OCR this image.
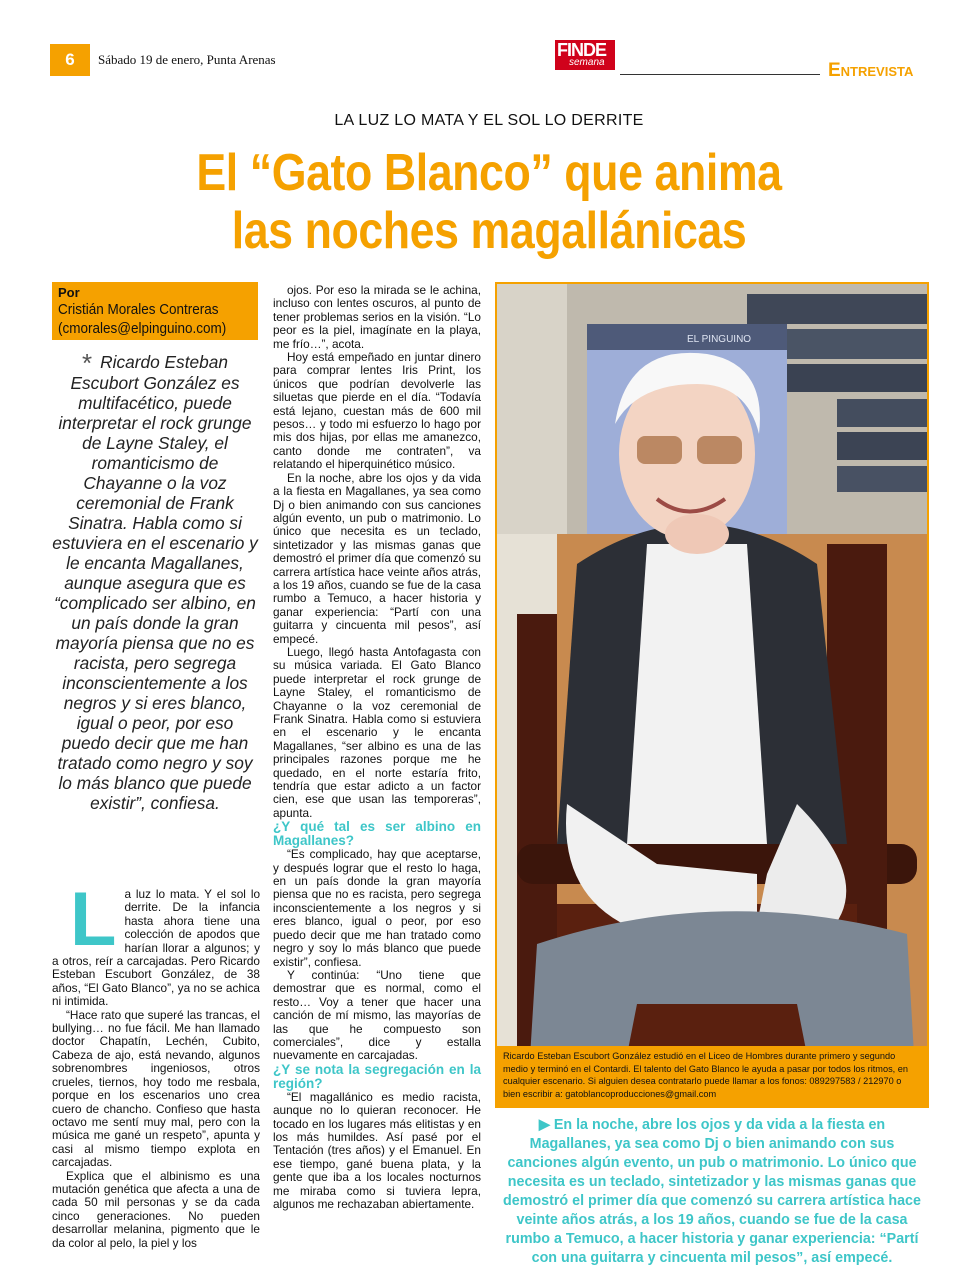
6	Sábado 19 de enero, Punta Arenas	FINDE
semana	Entrevista
LA LUZ LO MATA Y EL SOL LO DERRITE
El “Gato Blanco” que anima
las noches magallánicas
Por
Cristián Morales Contreras
(cmorales@elpinguino.com)
* Ricardo Esteban Escubort González es multifacético, puede interpretar el rock grunge de Layne Staley, el romanticismo de Chayanne o la voz ceremonial de Frank Sinatra. Habla como si estuviera en el escenario y le encanta Magallanes, aunque asegura que es “complicado ser albino, en un país donde la gran mayoría piensa que no es racista, pero segrega inconscientemente a los negros y si eres blanco, igual o peor, por eso puedo decir que me han tratado como negro y soy lo más blanco que puede existir”, confiesa.
L a luz lo mata. Y el sol lo derrite. De la infancia hasta ahora tiene una colección de apodos que harían llorar a algunos; y a otros, reír a carcajadas. Pero Ricardo Esteban Escubort González, de 38 años, “El Gato Blanco”, ya no se achica ni intimida.

“Hace rato que superé las trancas, el bullying… no fue fácil. Me han llamado doctor Chapatín, Lechén, Cubito, Cabeza de ajo, está nevando, algunos sobrenombres ingeniosos, otros crueles, tiernos, hoy todo me resbala, porque en los escenarios uno crea cuero de chancho. Confieso que hasta octavo me sentí muy mal, pero con la música me gané un respeto”, apunta y casi al mismo tiempo explota en carcajadas.

Explica que el albinismo es una mutación genética que afecta a una de cada 50 mil personas y se da cada cinco generaciones. No pueden desarrollar melanina, pigmento que le da color al pelo, la piel y los

ojos. Por eso la mirada se le achina, incluso con lentes oscuros, al punto de tener problemas serios en la visión. “Lo peor es la piel, imagínate en la playa, me frío…”, acota.

Hoy está empeñado en juntar dinero para comprar lentes Iris Print, los únicos que podrían devolverle las siluetas que pierde en el día. “Todavía está lejano, cuestan más de 600 mil pesos… y todo mi esfuerzo lo hago por mis dos hijas, por ellas me amanezco, canto donde me contraten”, va relatando el hiperquinético músico.

En la noche, abre los ojos y da vida a la fiesta en Magallanes, ya sea como Dj o bien animando con sus canciones algún evento, un pub o matrimonio. Lo único que necesita es un teclado, sintetizador y las mismas ganas que demostró el primer día que comenzó su carrera artística hace veinte años atrás, a los 19 años, cuando se fue de la casa rumbo a Temuco, a hacer historia y ganar experiencia: “Partí con una guitarra y cincuenta mil pesos”, así empecé.

Luego, llegó hasta Antofagasta con su música variada. El Gato Blanco puede interpretar el rock grunge de Layne Staley, el romanticismo de Chayanne o la voz ceremonial de Frank Sinatra. Habla como si estuviera en el escenario y le encanta Magallanes, “ser albino es una de las principales razones porque me he quedado, en el norte estaría frito, tendría que estar adicto a un factor cien, ese que usan las temporeras”, apunta.

¿Y qué tal es ser albino en Magallanes?

“Es complicado, hay que aceptarse, y después lograr que el resto lo haga, en un país donde la gran mayoría piensa que no es racista, pero segrega inconscientemente a los negros y si eres blanco, igual o peor, por eso puedo decir que me han tratado como negro y soy lo más blanco que puede existir”, confiesa.

Y continúa: “Uno tiene que demostrar que es normal, como el resto… Voy a tener que hacer una canción de mí mismo, las mayorías de las que he compuesto son comerciales”, dice y estalla nuevamente en carcajadas.

¿Y se nota la segregación en la región?

“El magallánico es medio racista, aunque no lo quieran reconocer. He tocado en los lugares más elitistas y en los más humildes. Así pasé por el Tentación (tres años) y el Emanuel. En ese tiempo, gané buena plata, y la gente que iba a los locales nocturnos me miraba como si tuviera lepra, algunos me rechazaban abiertamente.

EL PINGUINO
Ricardo Esteban Escubort González estudió en el Liceo de Hombres durante primero y segundo medio y terminó en el Contardi. El talento del Gato Blanco le ayuda a pasar por todos los ritmos, en cualquier escenario. Si alguien desea contratarlo puede llamar a los fonos: 089297583 / 212970 o bien escribir a: gatoblancoproducciones@gmail.com
▶ En la noche, abre los ojos y da vida a la fiesta en Magallanes, ya sea como Dj o bien animando con sus canciones algún evento, un pub o matrimonio. Lo único que necesita es un teclado, sintetizador y las mismas ganas que demostró el primer día que comenzó su carrera artística hace veinte años atrás, a los 19 años, cuando se fue de la casa rumbo a Temuco, a hacer historia y ganar experiencia: “Partí con una guitarra y cincuenta mil pesos”, así empecé.
